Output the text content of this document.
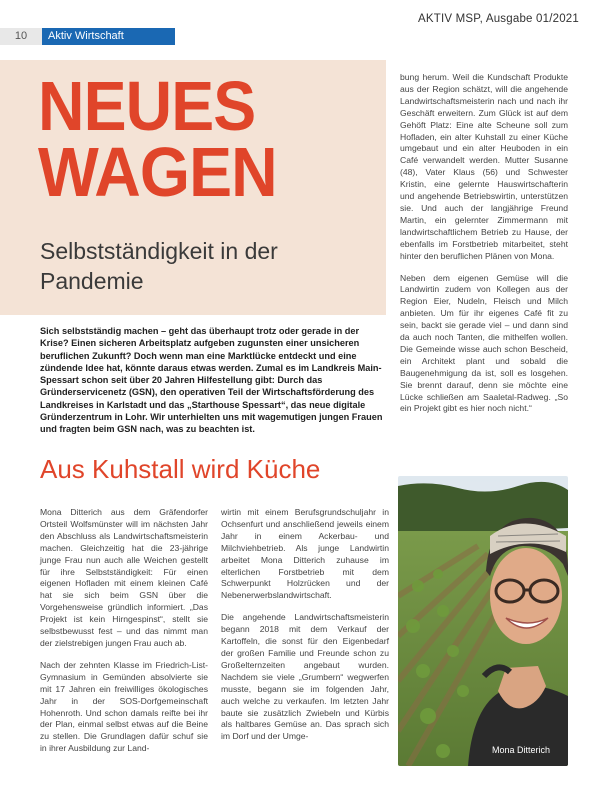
10	Aktiv Wirtschaft
AKTIV MSP, Ausgabe 01/2021
NEUES
WAGEN
Selbstständigkeit in der Pandemie

bung herum. Weil die Kundschaft Produkte aus der Region schätzt, will die angehende Landwirtschaftsmeisterin nach und nach ihr Geschäft erweitern. Zum Glück ist auf dem Gehöft Platz: Eine alte Scheune soll zum Hofladen, ein alter Kuhstall zu einer Küche umgebaut und ein alter Heuboden in ein Café verwandelt werden. Mutter Susanne (48), Vater Klaus (56) und Schwester Kristin, eine gelernte Hauswirtschafterin und angehende Betriebswirtin, unterstützen sie. Und auch der langjährige Freund Martin, ein gelernter Zimmermann mit landwirtschaftlichem Betrieb zu Hause, der ebenfalls im Forstbetrieb mitarbeitet, steht hinter den beruflichen Plänen von Mona.

Neben dem eigenen Gemüse will die Landwirtin zudem von Kollegen aus der Region Eier, Nudeln, Fleisch und Milch anbieten. Um für ihr eigenes Café fit zu sein, backt sie gerade viel – und dann sind da auch noch Tanten, die mithelfen wollen. Die Gemeinde wisse auch schon Bescheid, ein Architekt plant und sobald die Baugenehmigung da ist, soll es losgehen. Sie brennt darauf, denn sie möchte eine Lücke schließen am Saaletal-Radweg. „So ein Projekt gibt es hier noch nicht.“

Sich selbstständig machen – geht das überhaupt trotz oder gerade in der Krise? Einen sicheren Arbeitsplatz aufgeben zugunsten einer unsicheren beruflichen Zukunft? Doch wenn man eine Marktlücke entdeckt und eine zündende Idee hat, könnte daraus etwas werden. Zumal es im Landkreis Main-Spessart schon seit über 20 Jahren Hilfestellung gibt: Durch das Gründerservicenetz (GSN), den operativen Teil der Wirtschaftsförderung des Landkreises in Karlstadt und das „Starthouse Spessart“, das neue digitale Gründerzentrum in Lohr. Wir unterhielten uns mit wagemutigen jungen Frauen und fragten beim GSN nach, was zu beachten ist.
Aus Kuhstall wird Küche

Mona Ditterich aus dem Gräfendorfer Ortsteil Wolfsmünster will im nächsten Jahr den Abschluss als Landwirtschaftsmeisterin machen. Gleichzeitig hat die 23-jährige junge Frau nun auch alle Weichen gestellt für ihre Selbstständigkeit: Für einen eigenen Hofladen mit einem kleinen Café hat sie sich beim GSN über die Vorgehensweise gründlich informiert. „Das Projekt ist kein Hirngespinst“, stellt sie selbstbewusst fest – und das nimmt man der zielstrebigen jungen Frau auch ab.

Nach der zehnten Klasse im Friedrich-List-Gymnasium in Gemünden absolvierte sie mit 17 Jahren ein freiwilliges ökologisches Jahr in der SOS-Dorfgemeinschaft Hohenroth. Und schon damals reifte bei ihr der Plan, einmal selbst etwas auf die Beine zu stellen. Die Grundlagen dafür schuf sie in ihrer Ausbildung zur Land-

wirtin mit einem Berufsgrundschuljahr in Ochsenfurt und anschließend jeweils einem Jahr in einem Ackerbau- und Milchviehbetrieb. Als junge Landwirtin arbeitet Mona Ditterich zuhause im elterlichen Forstbetrieb mit dem Schwerpunkt Holzrücken und der Nebenerwerbslandwirtschaft.

Die angehende Landwirtschaftsmeisterin begann 2018 mit dem Verkauf der Kartoffeln, die sonst für den Eigenbedarf der großen Familie und Freunde schon zu Großelternzeiten angebaut wurden. Nachdem sie viele „Grumbern“ wegwerfen musste, begann sie im folgenden Jahr, auch welche zu verkaufen. Im letzten Jahr baute sie zusätzlich Zwiebeln und Kürbis als haltbares Gemüse an. Das sprach sich im Dorf und der Umge-

Mona Ditterich
